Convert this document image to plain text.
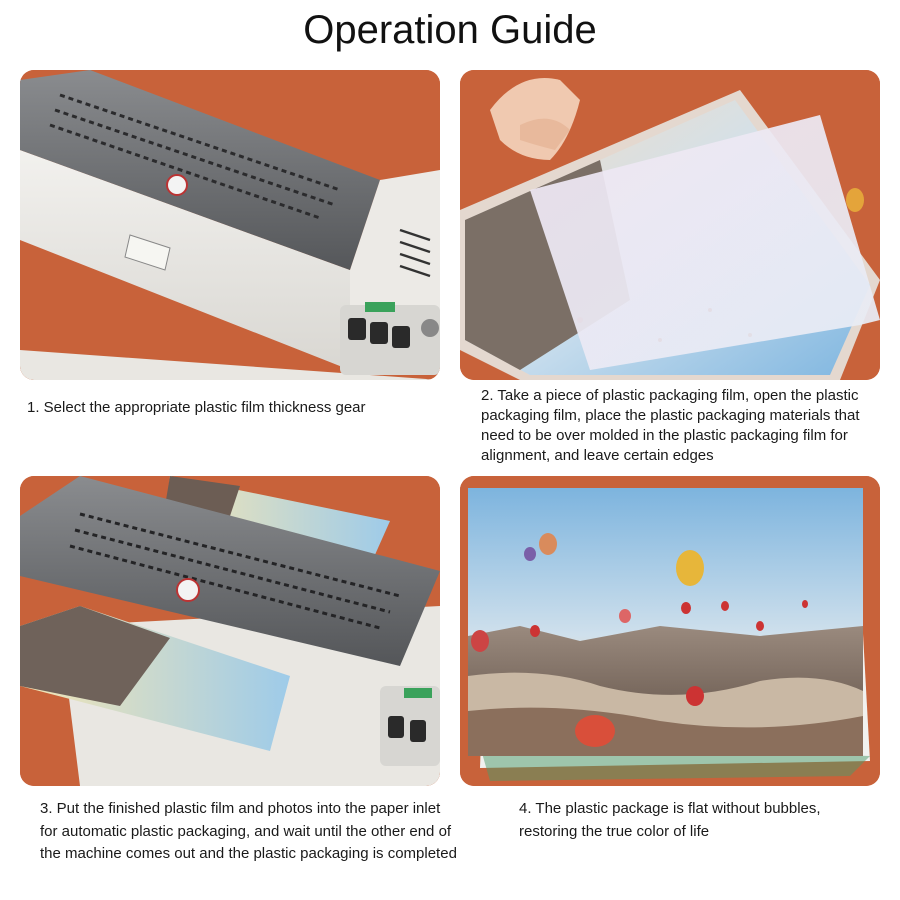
Operation Guide
1. Select the appropriate plastic film thickness gear
2. Take a piece of plastic packaging film, open the plastic packaging film, place the plastic packaging materials that need to be over molded in the plastic packaging film for alignment, and leave certain edges
3. Put the finished plastic film and photos into the paper inlet for automatic plastic packaging, and wait until the other end of the machine comes out and the plastic packaging is completed
4. The plastic package is flat without bubbles, restoring the true color of life
